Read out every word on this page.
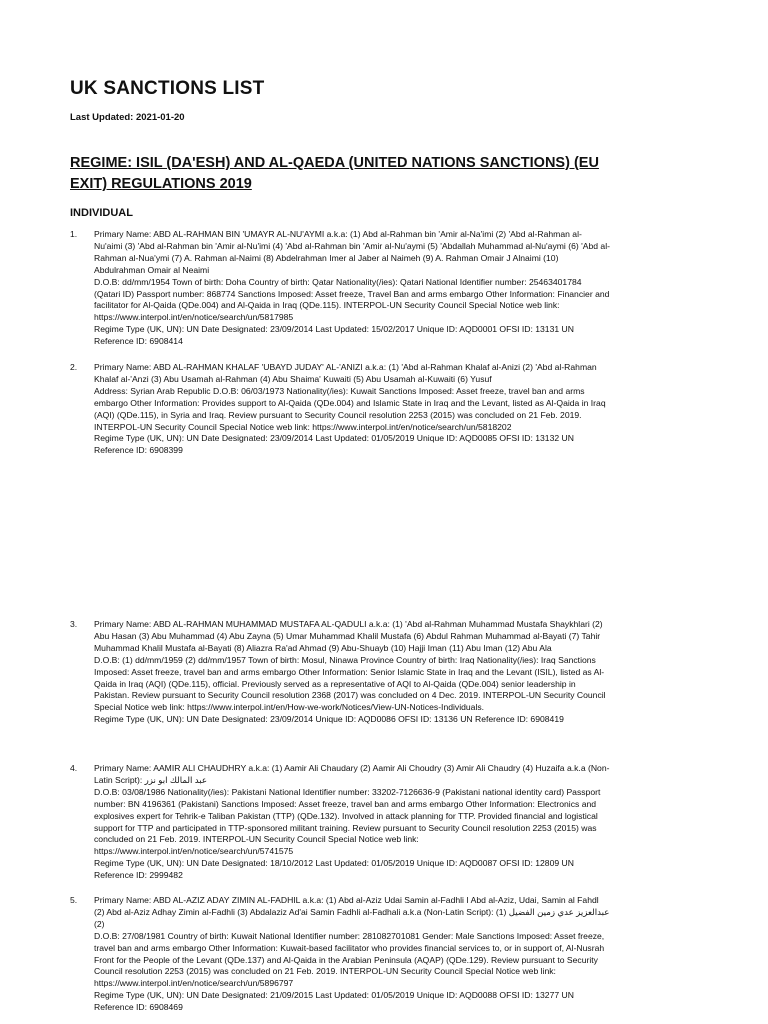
UK SANCTIONS LIST
Last Updated: 2021-01-20
REGIME: ISIL (DA'ESH) AND AL-QAEDA (UNITED NATIONS SANCTIONS) (EU EXIT) REGULATIONS 2019
INDIVIDUAL
1.	Primary Name: ABD AL-RAHMAN BIN 'UMAYR AL-NU'AYMI a.k.a: (1) Abd al-Rahman bin 'Amir al-Na'imi (2) 'Abd al-Rahman al-Nu'aimi (3) 'Abd al-Rahman bin 'Amir al-Nu'imi (4) 'Abd al-Rahman bin 'Amir al-Nu'aymi (5) 'Abdallah Muhammad al-Nu'aymi (6) 'Abd al-Rahman al-Nua'ymi (7) A. Rahman al-Naimi (8) Abdelrahman Imer al Jaber al Naimeh (9) A. Rahman Omair J Alnaimi (10) Abdulrahman Omair al Neaimi
D.O.B: dd/mm/1954 Town of birth: Doha Country of birth: Qatar Nationality(/ies): Qatari National Identifier number: 25463401784 (Qatari ID) Passport number: 868774 Sanctions Imposed: Asset freeze, Travel Ban and arms embargo Other Information: Financier and facilitator for Al-Qaida (QDe.004) and Al-Qaida in Iraq (QDe.115). INTERPOL-UN Security Council Special Notice web link: https://www.interpol.int/en/notice/search/un/5817985
Regime Type (UK, UN): UN Date Designated: 23/09/2014 Last Updated: 15/02/2017 Unique ID: AQD0001 OFSI ID: 13131 UN Reference ID: 6908414
2.	Primary Name: ABD AL-RAHMAN KHALAF 'UBAYD JUDAY' AL-'ANIZI a.k.a: (1) 'Abd al-Rahman Khalaf al-Anizi (2) 'Abd al-Rahman Khalaf al-'Anzi (3) Abu Usamah al-Rahman (4) Abu Shaima' Kuwaiti (5) Abu Usamah al-Kuwaiti (6) Yusuf
Address: Syrian Arab Republic D.O.B: 06/03/1973 Nationality(/ies): Kuwait Sanctions Imposed: Asset freeze, travel ban and arms embargo Other Information: Provides support to Al-Qaida (QDe.004) and Islamic State in Iraq and the Levant, listed as Al-Qaida in Iraq (AQI) (QDe.115), in Syria and Iraq. Review pursuant to Security Council resolution 2253 (2015) was concluded on 21 Feb. 2019. INTERPOL-UN Security Council Special Notice web link: https://www.interpol.int/en/notice/search/un/5818202
Regime Type (UK, UN): UN Date Designated: 23/09/2014 Last Updated: 01/05/2019 Unique ID: AQD0085 OFSI ID: 13132 UN Reference ID: 6908399
3.	Primary Name: ABD AL-RAHMAN MUHAMMAD MUSTAFA AL-QADULI a.k.a: (1) 'Abd al-Rahman Muhammad Mustafa Shaykhlari (2) Abu Hasan (3) Abu Muhammad (4) Abu Zayna (5) Umar Muhammad Khalil Mustafa (6) Abdul Rahman Muhammad al-Bayati (7) Tahir Muhammad Khalil Mustafa al-Bayati (8) Aliazra Ra'ad Ahmad (9) Abu-Shuayb (10) Hajji Iman (11) Abu Iman (12) Abu Ala
D.O.B: (1) dd/mm/1959 (2) dd/mm/1957 Town of birth: Mosul, Ninawa Province Country of birth: Iraq Nationality(/ies): Iraq Sanctions Imposed: Asset freeze, travel ban and arms embargo Other Information: Senior Islamic State in Iraq and the Levant (ISIL), listed as Al-Qaida in Iraq (AQI) (QDe.115), official. Previously served as a representative of AQI to Al-Qaida (QDe.004) senior leadership in Pakistan. Review pursuant to Security Council resolution 2368 (2017) was concluded on 4 Dec. 2019. INTERPOL-UN Security Council Special Notice web link: https://www.interpol.int/en/How-we-work/Notices/View-UN-Notices-Individuals.
Regime Type (UK, UN): UN Date Designated: 23/09/2014 Unique ID: AQD0086 OFSI ID: 13136 UN Reference ID: 6908419
4.	Primary Name: AAMIR ALI CHAUDHRY a.k.a: (1) Aamir Ali Chaudary (2) Aamir Ali Choudry (3) Amir Ali Chaudry (4) Huzaifa a.k.a (Non-Latin Script): عبد المالك ابو نزر
D.O.B: 03/08/1986 Nationality(/ies): Pakistani National Identifier number: 33202-7126636-9 (Pakistani national identity card) Passport number: BN 4196361 (Pakistani) Sanctions Imposed: Asset freeze, travel ban and arms embargo Other Information: Electronics and explosives expert for Tehrik-e Taliban Pakistan (TTP) (QDe.132). Involved in attack planning for TTP. Provided financial and logistical support for TTP and participated in TTP-sponsored militant training. Review pursuant to Security Council resolution 2253 (2015) was concluded on 21 Feb. 2019. INTERPOL-UN Security Council Special Notice web link: https://www.interpol.int/en/notice/search/un/5741575
Regime Type (UK, UN): UN Date Designated: 18/10/2012 Last Updated: 01/05/2019 Unique ID: AQD0087 OFSI ID: 12809 UN Reference ID: 2999482
5.	Primary Name: ABD AL-AZIZ ADAY ZIMIN AL-FADHIL a.k.a: (1) Abd al-Aziz Udai Samin al-Fadhli I Abd al-Aziz, Udai, Samin al Fahdl (2) Abd al-Aziz Adhay Zimin al-Fadhli (3) Abdalaziz Ad'ai Samin Fadhli al-Fadhali a.k.a (Non-Latin Script): (1) عبدالعزيز عدي زمين الفضيل (2)
D.O.B: 27/08/1981 Country of birth: Kuwait National Identifier number: 281082701081 Gender: Male Sanctions Imposed: Asset freeze, travel ban and arms embargo Other Information: Kuwait-based facilitator who provides financial services to, or in support of, Al-Nusrah Front for the People of the Levant (QDe.137) and Al-Qaida in the Arabian Peninsula (AQAP) (QDe.129). Review pursuant to Security Council resolution 2253 (2015) was concluded on 21 Feb. 2019. INTERPOL-UN Security Council Special Notice web link: https://www.interpol.int/en/notice/search/un/5896797
Regime Type (UK, UN): UN Date Designated: 21/09/2015 Last Updated: 01/05/2019 Unique ID: AQD0088 OFSI ID: 13277 UN Reference ID: 6908469
